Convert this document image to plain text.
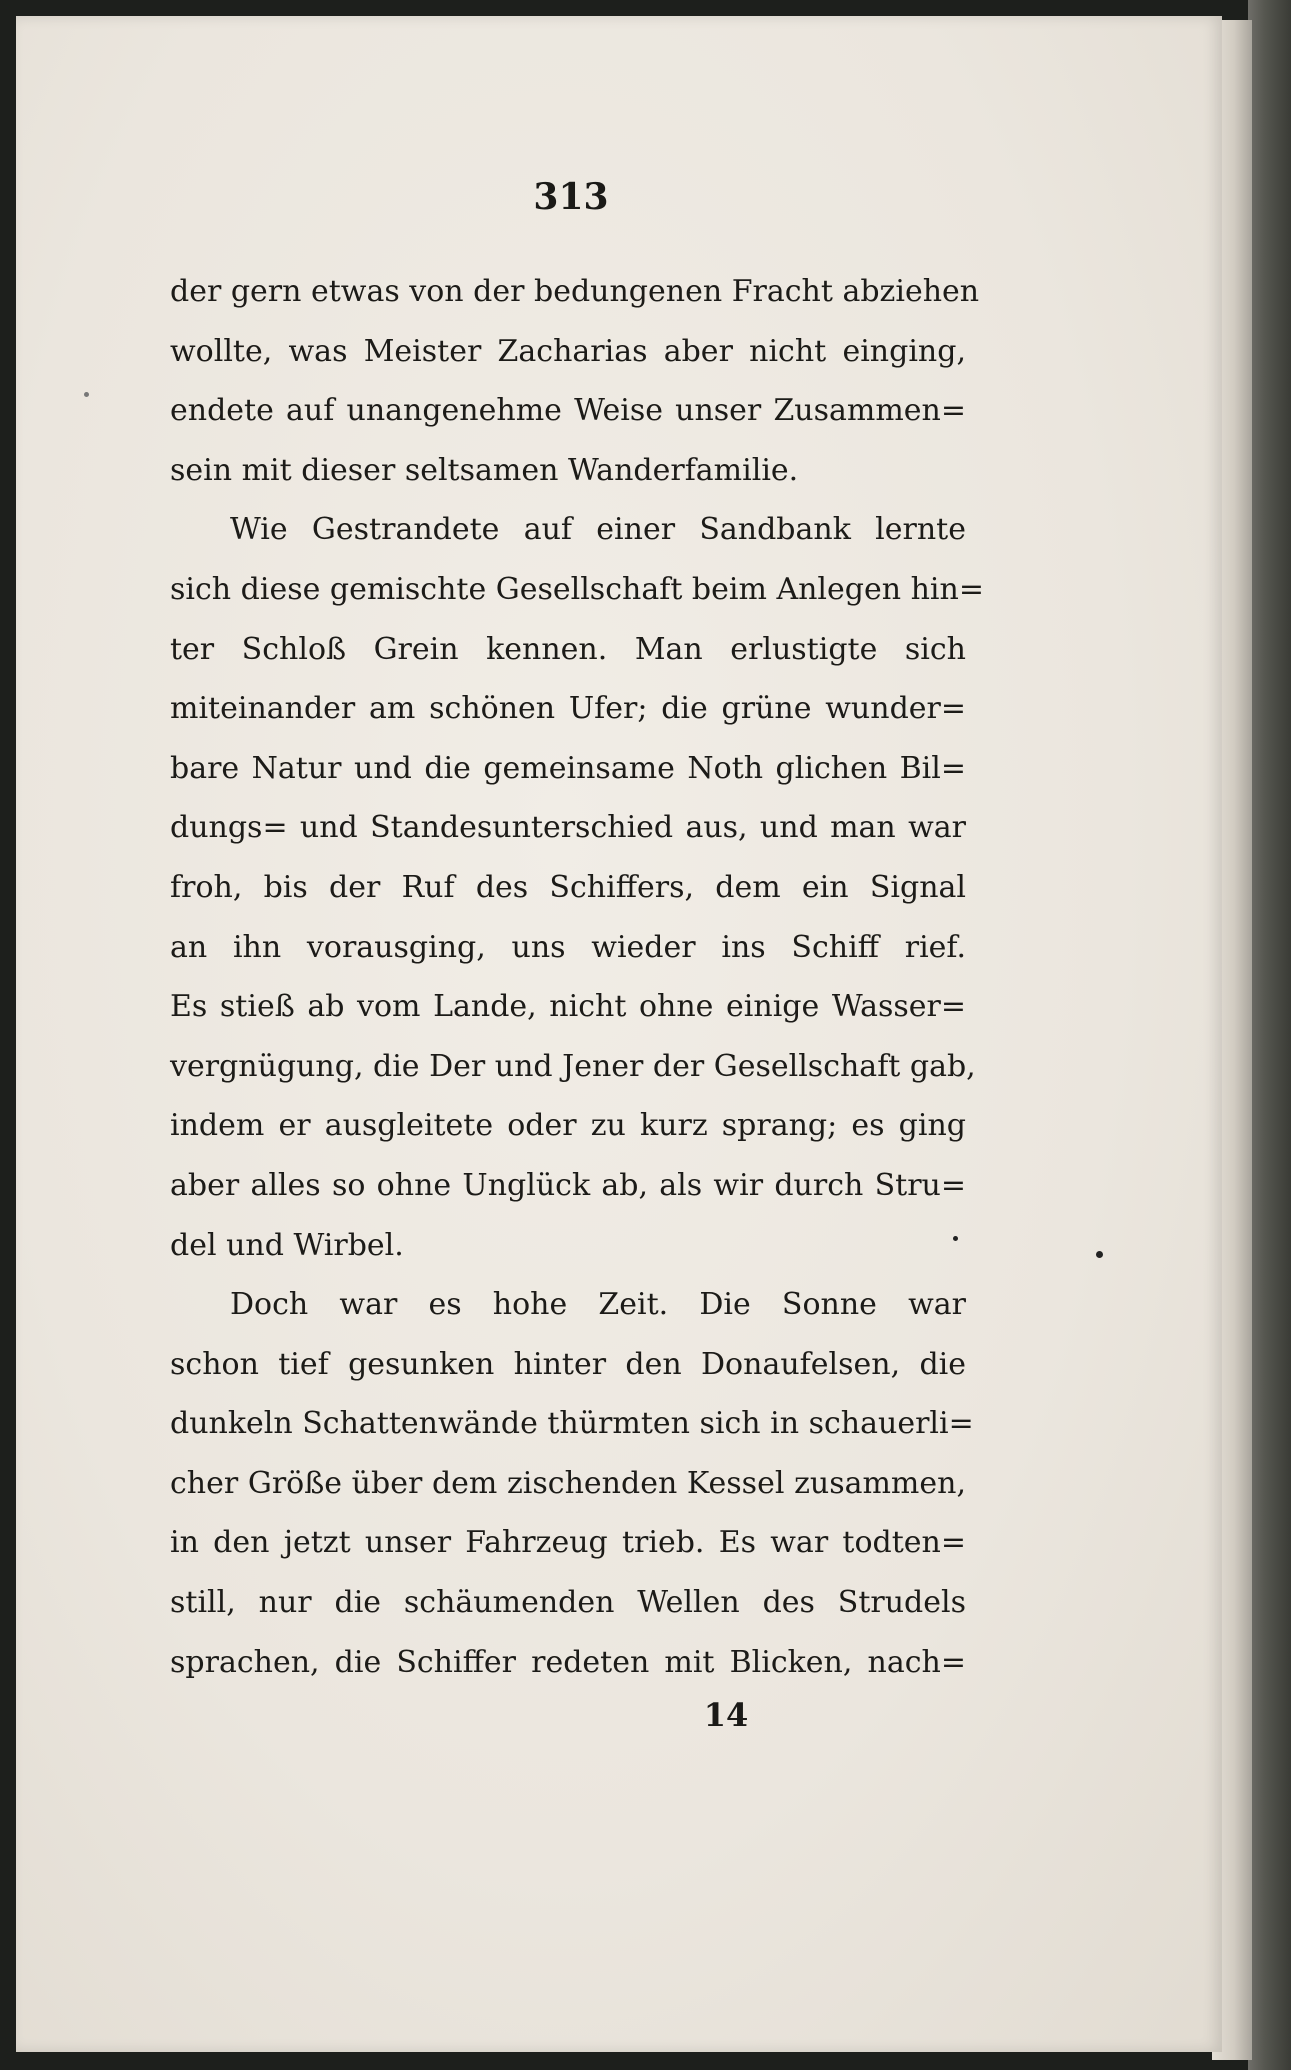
313
der gern etwas von der bedungenen Fracht abziehen
wollte, was Meister Zacharias aber nicht einging,
endete auf unangenehme Weise unser Zusammen=
sein mit dieser seltsamen Wanderfamilie.
Wie Gestrandete auf einer Sandbank lernte
sich diese gemischte Gesellschaft beim Anlegen hin=
ter Schloß Grein kennen. Man erlustigte sich
miteinander am schönen Ufer; die grüne wunder=
bare Natur und die gemeinsame Noth glichen Bil=
dungs= und Standesunterschied aus, und man war
froh, bis der Ruf des Schiffers, dem ein Signal
an ihn vorausging, uns wieder ins Schiff rief.
Es stieß ab vom Lande, nicht ohne einige Wasser=
vergnügung, die Der und Jener der Gesellschaft gab,
indem er ausgleitete oder zu kurz sprang; es ging
aber alles so ohne Unglück ab, als wir durch Stru=
del und Wirbel.
Doch war es hohe Zeit. Die Sonne war
schon tief gesunken hinter den Donaufelsen, die
dunkeln Schattenwände thürmten sich in schauerli=
cher Größe über dem zischenden Kessel zusammen,
in den jetzt unser Fahrzeug trieb. Es war todten=
still, nur die schäumenden Wellen des Strudels
sprachen, die Schiffer redeten mit Blicken, nach=
14
